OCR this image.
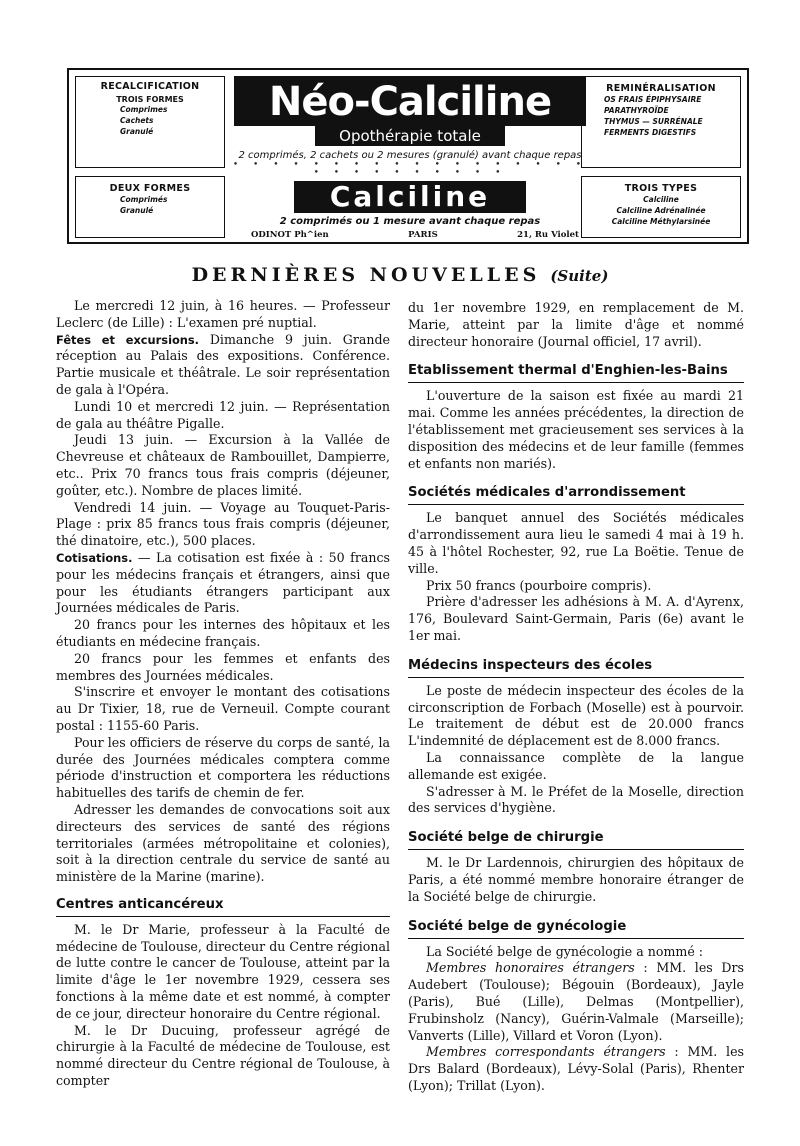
RECALCIFICATION
TROIS FORMES
Comprimes
Cachets
Granulé
DEUX FORMES
Comprimés
Granulé
REMINÉRALISATION
OS FRAIS ÉPIPHYSAIRE
PARATHYROÏDE
THYMUS — SURRÉNALE
FERMENTS DIGESTIFS
TROIS TYPES
Calciline
Calciline Adrénalinée
Calciline Méthylarsinée
Néo-Calciline
Opothérapie totale
2 comprimés, 2 cachets ou 2 mesures (granulé) avant chaque repas
• • • • • • • • • • • • • • • • • • • • • • • • • • • •
Calciline
2 comprimés ou 1 mesure avant chaque repas
ODINOT Ph^ien	PARIS	21, Ru Violet
DERNIÈRES NOUVELLES (Suite)

Le mercredi 12 juin, à 16 heures. — Professeur Leclerc (de Lille) : L'examen pré nuptial.

Fêtes et excursions. Dimanche 9 juin. Grande réception au Palais des expositions. Conférence. Partie musicale et théâtrale. Le soir représentation de gala à l'Opéra.

Lundi 10 et mercredi 12 juin. — Représentation de gala au théâtre Pigalle.

Jeudi 13 juin. — Excursion à la Vallée de Chevreuse et châteaux de Rambouillet, Dampierre, etc.. Prix 70 francs tous frais compris (déjeuner, goûter, etc.). Nombre de places limité.

Vendredi 14 juin. — Voyage au Touquet-Paris-Plage : prix 85 francs tous frais compris (déjeuner, thé dinatoire, etc.), 500 places.

Cotisations. — La cotisation est fixée à : 50 francs pour les médecins français et étrangers, ainsi que pour les étudiants étrangers participant aux Journées médicales de Paris.

20 francs pour les internes des hôpitaux et les étudiants en médecine français.

20 francs pour les femmes et enfants des membres des Journées médicales.

S'inscrire et envoyer le montant des cotisations au Dr Tixier, 18, rue de Verneuil. Compte courant postal : 1155-60 Paris.

Pour les officiers de réserve du corps de santé, la durée des Journées médicales comptera comme période d'instruction et comportera les réductions habituelles des tarifs de chemin de fer.

Adresser les demandes de convocations soit aux directeurs des services de santé des régions territoriales (armées métropolitaine et colonies), soit à la direction centrale du service de santé au ministère de la Marine (marine).

Centres anticancéreux

M. le Dr Marie, professeur à la Faculté de médecine de Toulouse, directeur du Centre régional de lutte contre le cancer de Toulouse, atteint par la limite d'âge le 1er novembre 1929, cessera ses fonctions à la même date et est nommé, à compter de ce jour, directeur honoraire du Centre régional.

M. le Dr Ducuing, professeur agrégé de chirurgie à la Faculté de médecine de Toulouse, est nommé directeur du Centre régional de Toulouse, à compter

du 1er novembre 1929, en remplacement de M. Marie, atteint par la limite d'âge et nommé directeur honoraire (Journal officiel, 17 avril).

Etablissement thermal d'Enghien-les-Bains

L'ouverture de la saison est fixée au mardi 21 mai. Comme les années précédentes, la direction de l'établissement met gracieusement ses services à la disposition des médecins et de leur famille (femmes et enfants non mariés).

Sociétés médicales d'arrondissement

Le banquet annuel des Sociétés médicales d'arrondissement aura lieu le samedi 4 mai à 19 h. 45 à l'hôtel Rochester, 92, rue La Boëtie. Tenue de ville.

Prix 50 francs (pourboire compris).

Prière d'adresser les adhésions à M. A. d'Ayrenx, 176, Boulevard Saint-Germain, Paris (6e) avant le 1er mai.

Médecins inspecteurs des écoles

Le poste de médecin inspecteur des écoles de la circonscription de Forbach (Moselle) est à pourvoir. Le traitement de début est de 20.000 francs L'indemnité de déplacement est de 8.000 francs.

La connaissance complète de la langue allemande est exigée.

S'adresser à M. le Préfet de la Moselle, direction des services d'hygiène.

Société belge de chirurgie

M. le Dr Lardennois, chirurgien des hôpitaux de Paris, a été nommé membre honoraire étranger de la Société belge de chirurgie.

Société belge de gynécologie

La Société belge de gynécologie a nommé :

Membres honoraires étrangers : MM. les Drs Audebert (Toulouse); Bégouin (Bordeaux), Jayle (Paris), Bué (Lille), Delmas (Montpellier), Frubinsholz (Nancy), Guérin-Valmale (Marseille); Vanverts (Lille), Villard et Voron (Lyon).

Membres correspondants étrangers : MM. les Drs Balard (Bordeaux), Lévy-Solal (Paris), Rhenter (Lyon); Trillat (Lyon).
